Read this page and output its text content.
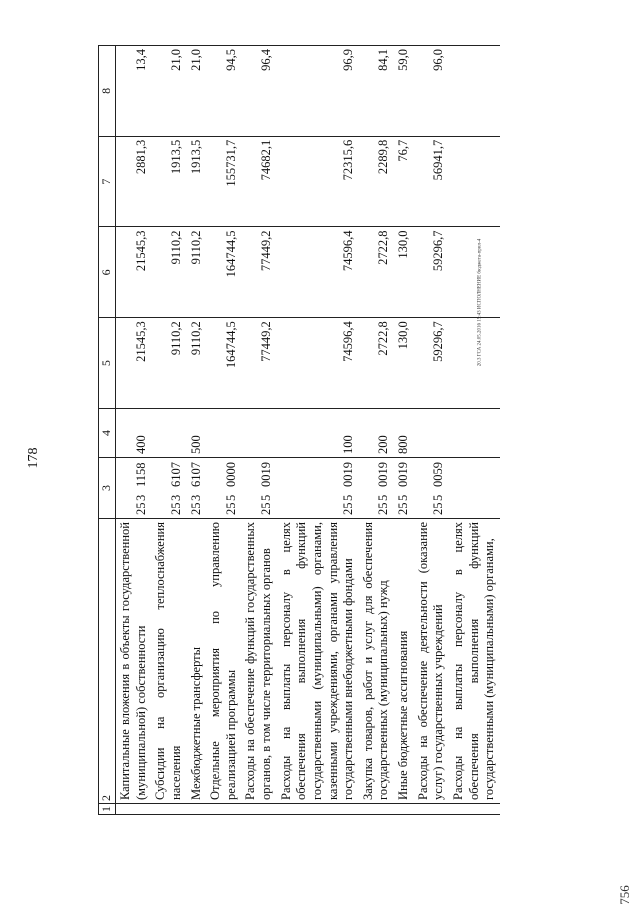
178
1	2	3	4	5	6	7	8
	Капитальные вложения в объекты государственной (муниципальной) собственности	2531158	400	21545,3	21545,3	2881,3	13,4
	Субсидии на организацию теплоснабжения населения	2536107		9110,2	9110,2	1913,5	21,0
	Межбюджетные трансферты	2536107	500	9110,2	9110,2	1913,5	21,0
	Отдельные мероприятия по управлению реализацией программы	2550000		164744,5	164744,5	155731,7	94,5
	Расходы на обеспечение функций государственных органов, в том числе территориальных органов	2550019		77449,2	77449,2	74682,1	96,4
	Расходы на выплаты персоналу в целях обеспечения выполнения функций государственными (муниципальными) органами, казенными учреждениями, органами управления государственными внебюджетными фондами	2550019	100	74596,4	74596,4	72315,6	96,9
	Закупка товаров, работ и услуг для обеспечения государственных (муниципальных) нужд	2550019	200	2722,8	2722,8	2289,8	84,1
	Иные бюджетные ассигнования	2550019	800	130,0	130,0	76,7	59,0
	Расходы на обеспечение деятельности (оказание услуг) государственных учреждений	2550059		59296,7	59296,7	56941,7	96,0
	Расходы на выплаты персоналу в целях обеспечения выполнения функций государственными (муниципальными) органами,						
20.3 ГСА 24.05.2016 15:43 ИСПОЛНЕНИЕ бюджета-прил-4
756
